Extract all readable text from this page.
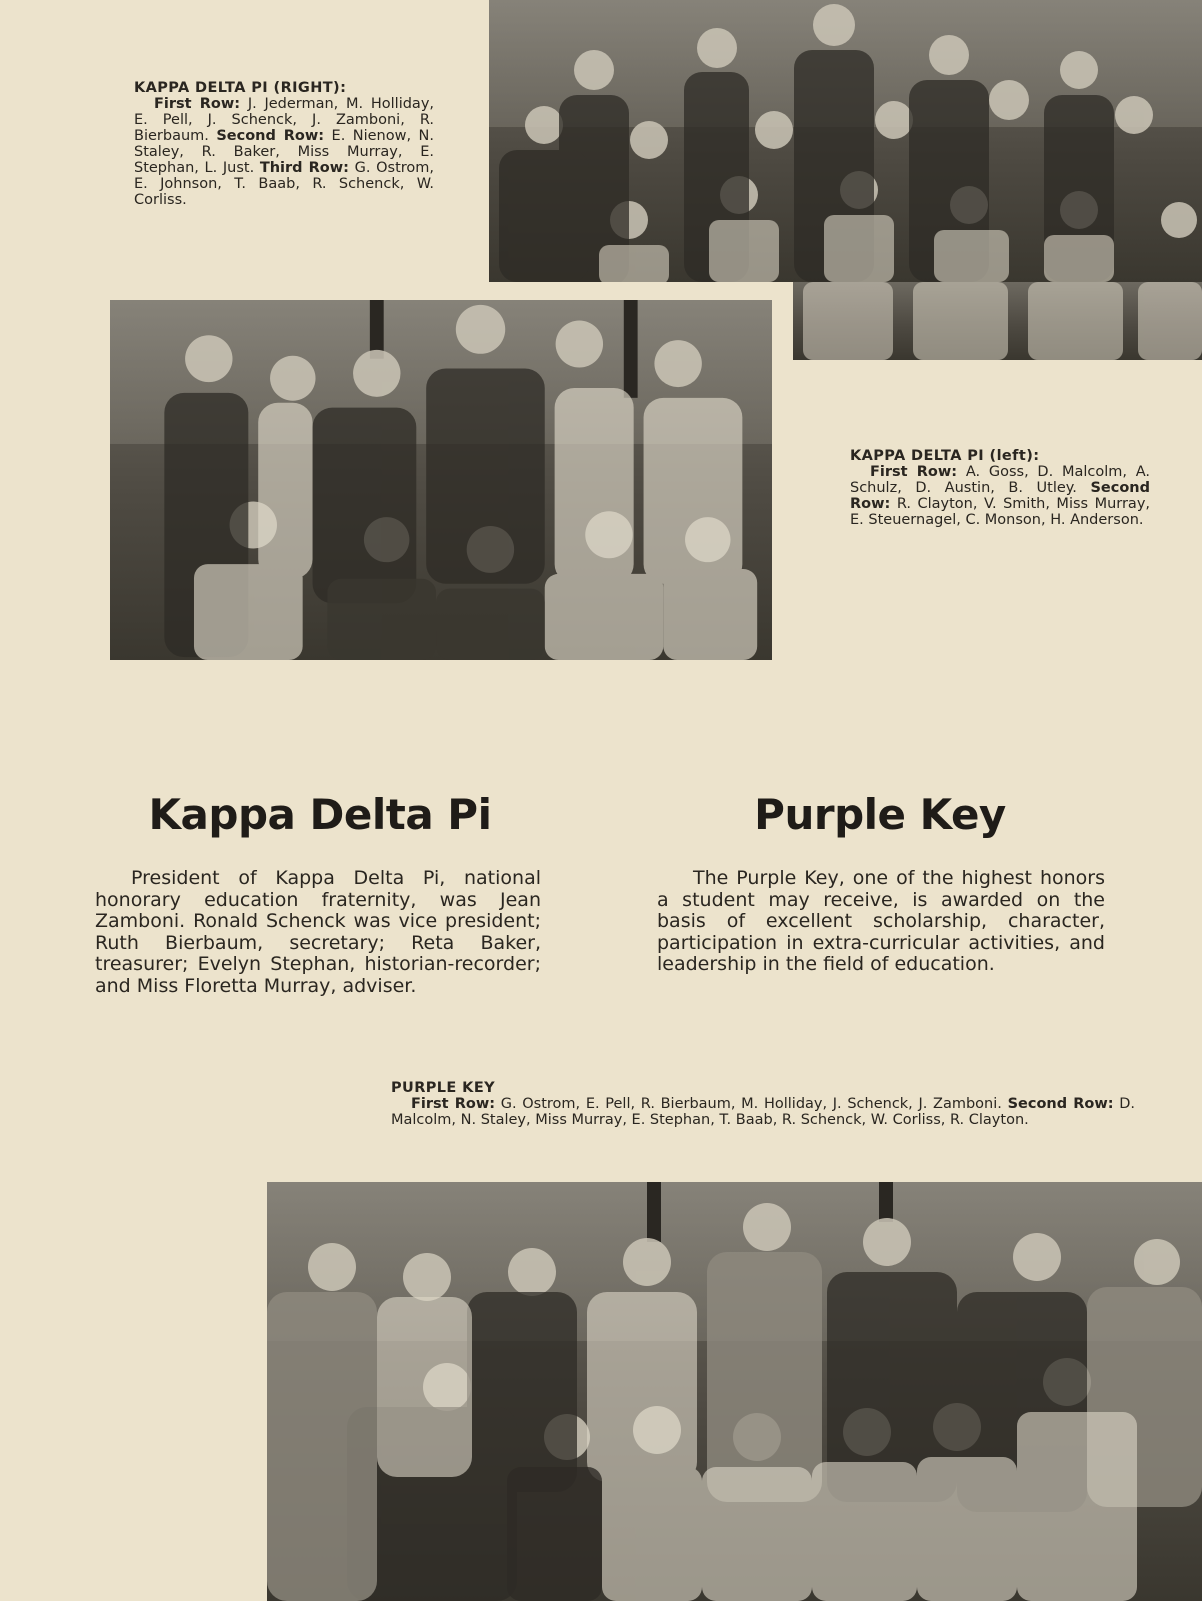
KAPPA DELTA PI (RIGHT):
First Row: J. Jederman, M. Holliday, E. Pell, J. Schenck, J. Zamboni, R. Bierbaum. Second Row: E. Nienow, N. Staley, R. Baker, Miss Murray, E. Stephan, L. Just. Third Row: G. Ostrom, E. Johnson, T. Baab, R. Schenck, W. Corliss.
KAPPA DELTA PI (left):
First Row: A. Goss, D. Malcolm, A. Schulz, D. Austin, B. Utley. Second Row: R. Clayton, V. Smith, Miss Murray, E. Steuernagel, C. Monson, H. Anderson.
Kappa Delta Pi
President of Kappa Delta Pi, national honorary education fraternity, was Jean Zamboni. Ronald Schenck was vice president; Ruth Bierbaum, secretary; Reta Baker, treasurer; Evelyn Stephan, historian-recorder; and Miss Floretta Murray, adviser.
Purple Key
The Purple Key, one of the highest honors a student may receive, is awarded on the basis of excellent scholarship, character, participation in extra-curricular activities, and leadership in the field of education.
PURPLE KEY
First Row: G. Ostrom, E. Pell, R. Bierbaum, M. Holliday, J. Schenck, J. Zamboni. Second Row: D. Malcolm, N. Staley, Miss Murray, E. Stephan, T. Baab, R. Schenck, W. Corliss, R. Clayton.
